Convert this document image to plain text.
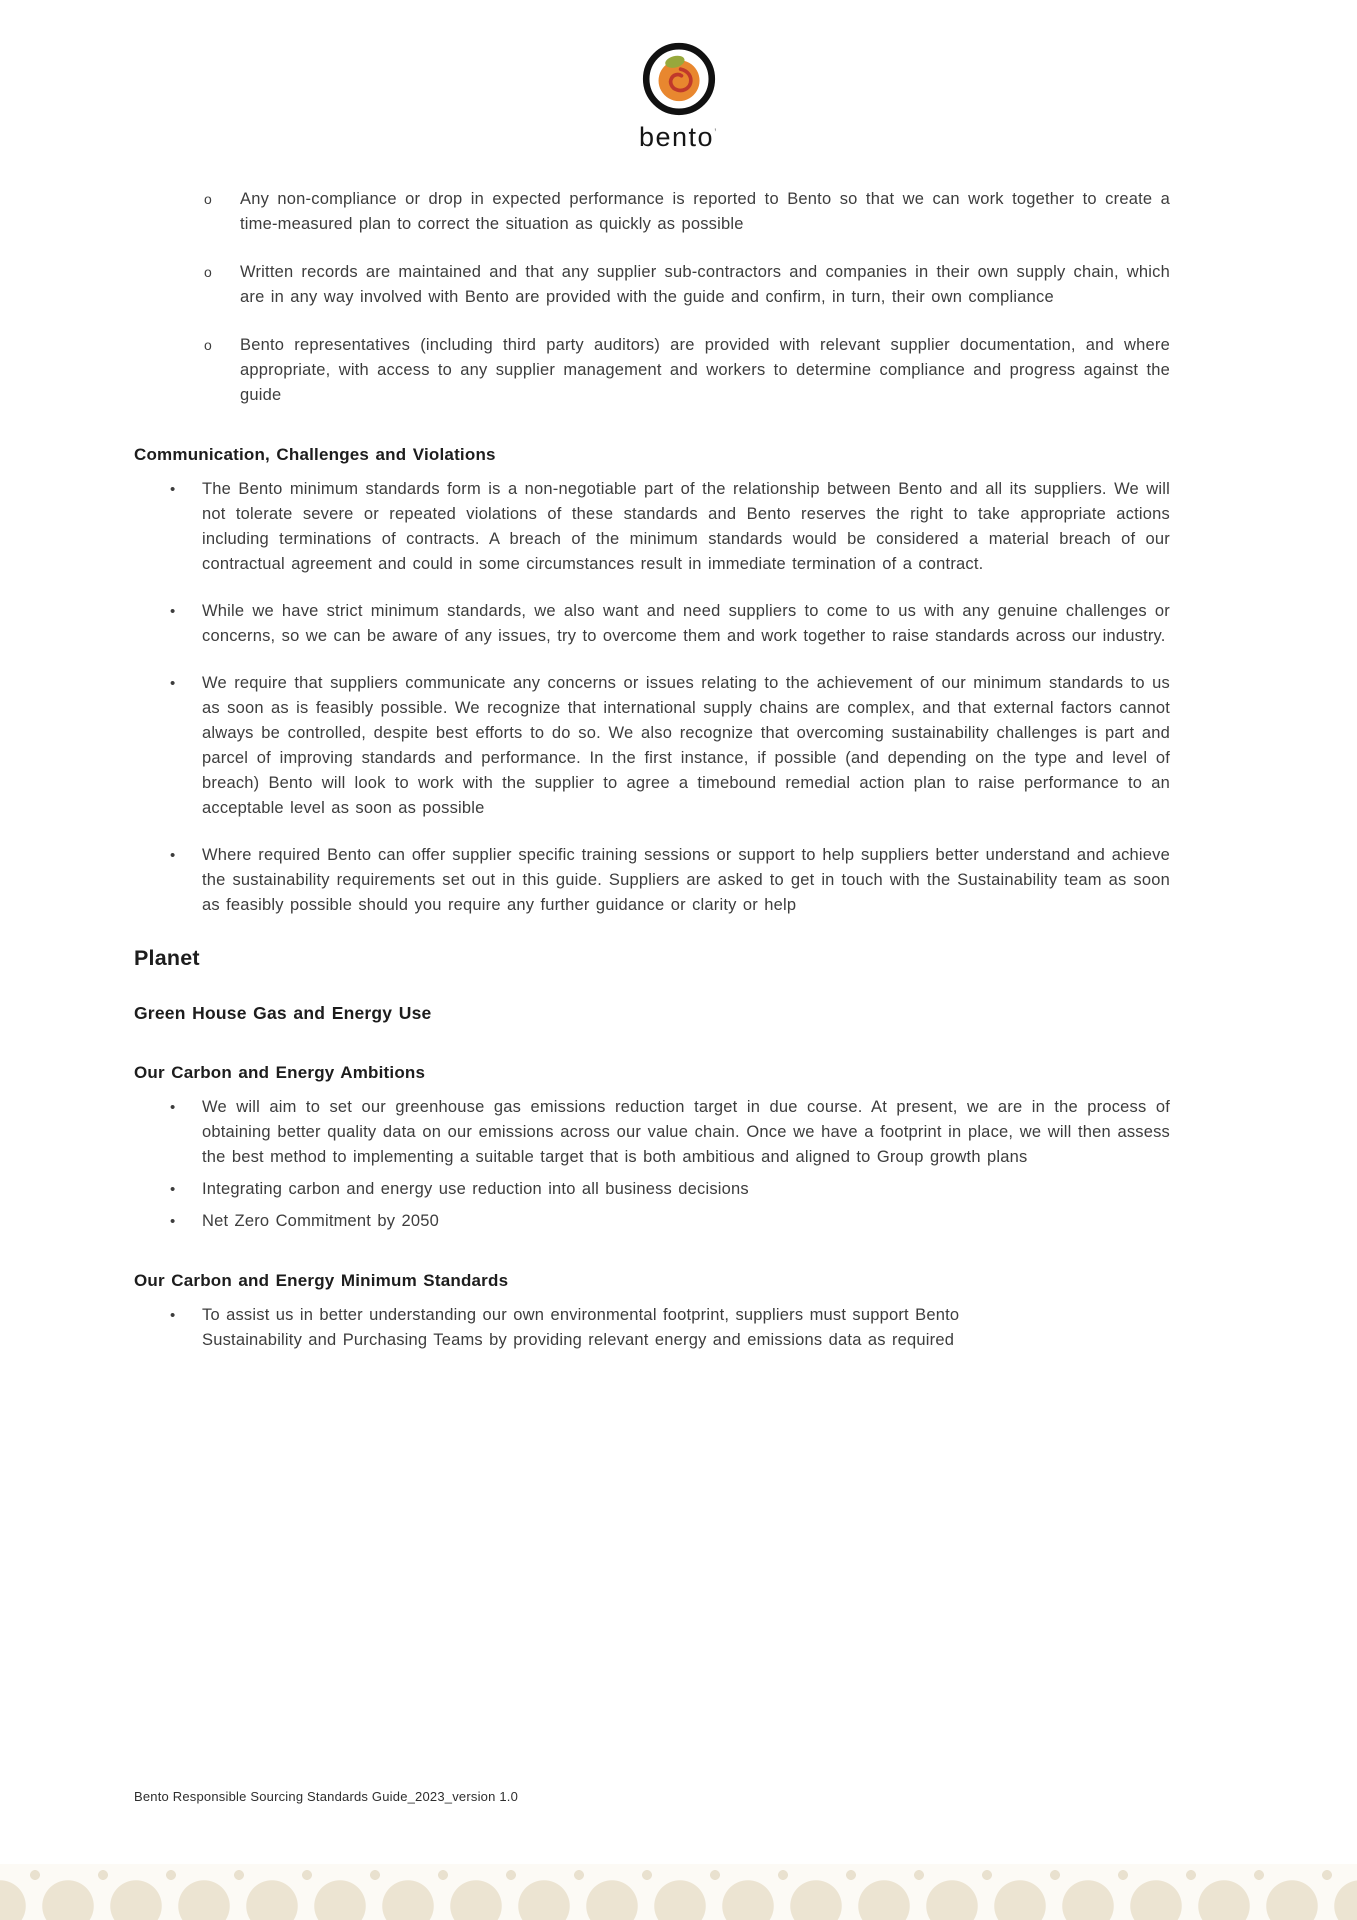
bento’
o	Any non-compliance or drop in expected performance is reported to Bento so that we can work together to create a time-measured plan to correct the situation as quickly as possible

o	Written records are maintained and that any supplier sub-contractors and companies in their own supply chain, which are in any way involved with Bento are provided with the guide and confirm, in turn, their own compliance

o	Bento representatives (including third party auditors) are provided with relevant supplier documentation, and where appropriate, with access to any supplier management and workers to determine compliance and progress against the guide

Communication, Challenges and Violations
•	The Bento minimum standards form is a non-negotiable part of the relationship between Bento and all its suppliers. We will not tolerate severe or repeated violations of these standards and Bento reserves the right to take appropriate actions including terminations of contracts. A breach of the minimum standards would be considered a material breach of our contractual agreement and could in some circumstances result in immediate termination of a contract.

•	While we have strict minimum standards, we also want and need suppliers to come to us with any genuine challenges or concerns, so we can be aware of any issues, try to overcome them and work together to raise standards across our industry.

•	We require that suppliers communicate any concerns or issues relating to the achievement of our minimum standards to us as soon as is feasibly possible. We recognize that international supply chains are complex, and that external factors cannot always be controlled, despite best efforts to do so. We also recognize that overcoming sustainability challenges is part and parcel of improving standards and performance. In the first instance, if possible (and depending on the type and level of breach) Bento will look to work with the supplier to agree a timebound remedial action plan to raise performance to an acceptable level as soon as possible

•	Where required Bento can offer supplier specific training sessions or support to help suppliers better understand and achieve the sustainability requirements set out in this guide. Suppliers are asked to get in touch with the Sustainability team as soon as feasibly possible should you require any further guidance or clarity or help

Planet
Green House Gas and Energy Use
Our Carbon and Energy Ambitions
•	We will aim to set our greenhouse gas emissions reduction target in due course. At present, we are in the process of obtaining better quality data on our emissions across our value chain. Once we have a footprint in place, we will then assess the best method to implementing a suitable target that is both ambitious and aligned to Group growth plans

•	Integrating carbon and energy use reduction into all business decisions

•	Net Zero Commitment by 2050

Our Carbon and Energy Minimum Standards
•	To assist us in better understanding our own environmental footprint, suppliers must support Bento Sustainability and Purchasing Teams by providing relevant energy and emissions data as required

Bento Responsible Sourcing Standards Guide_2023_version 1.0
